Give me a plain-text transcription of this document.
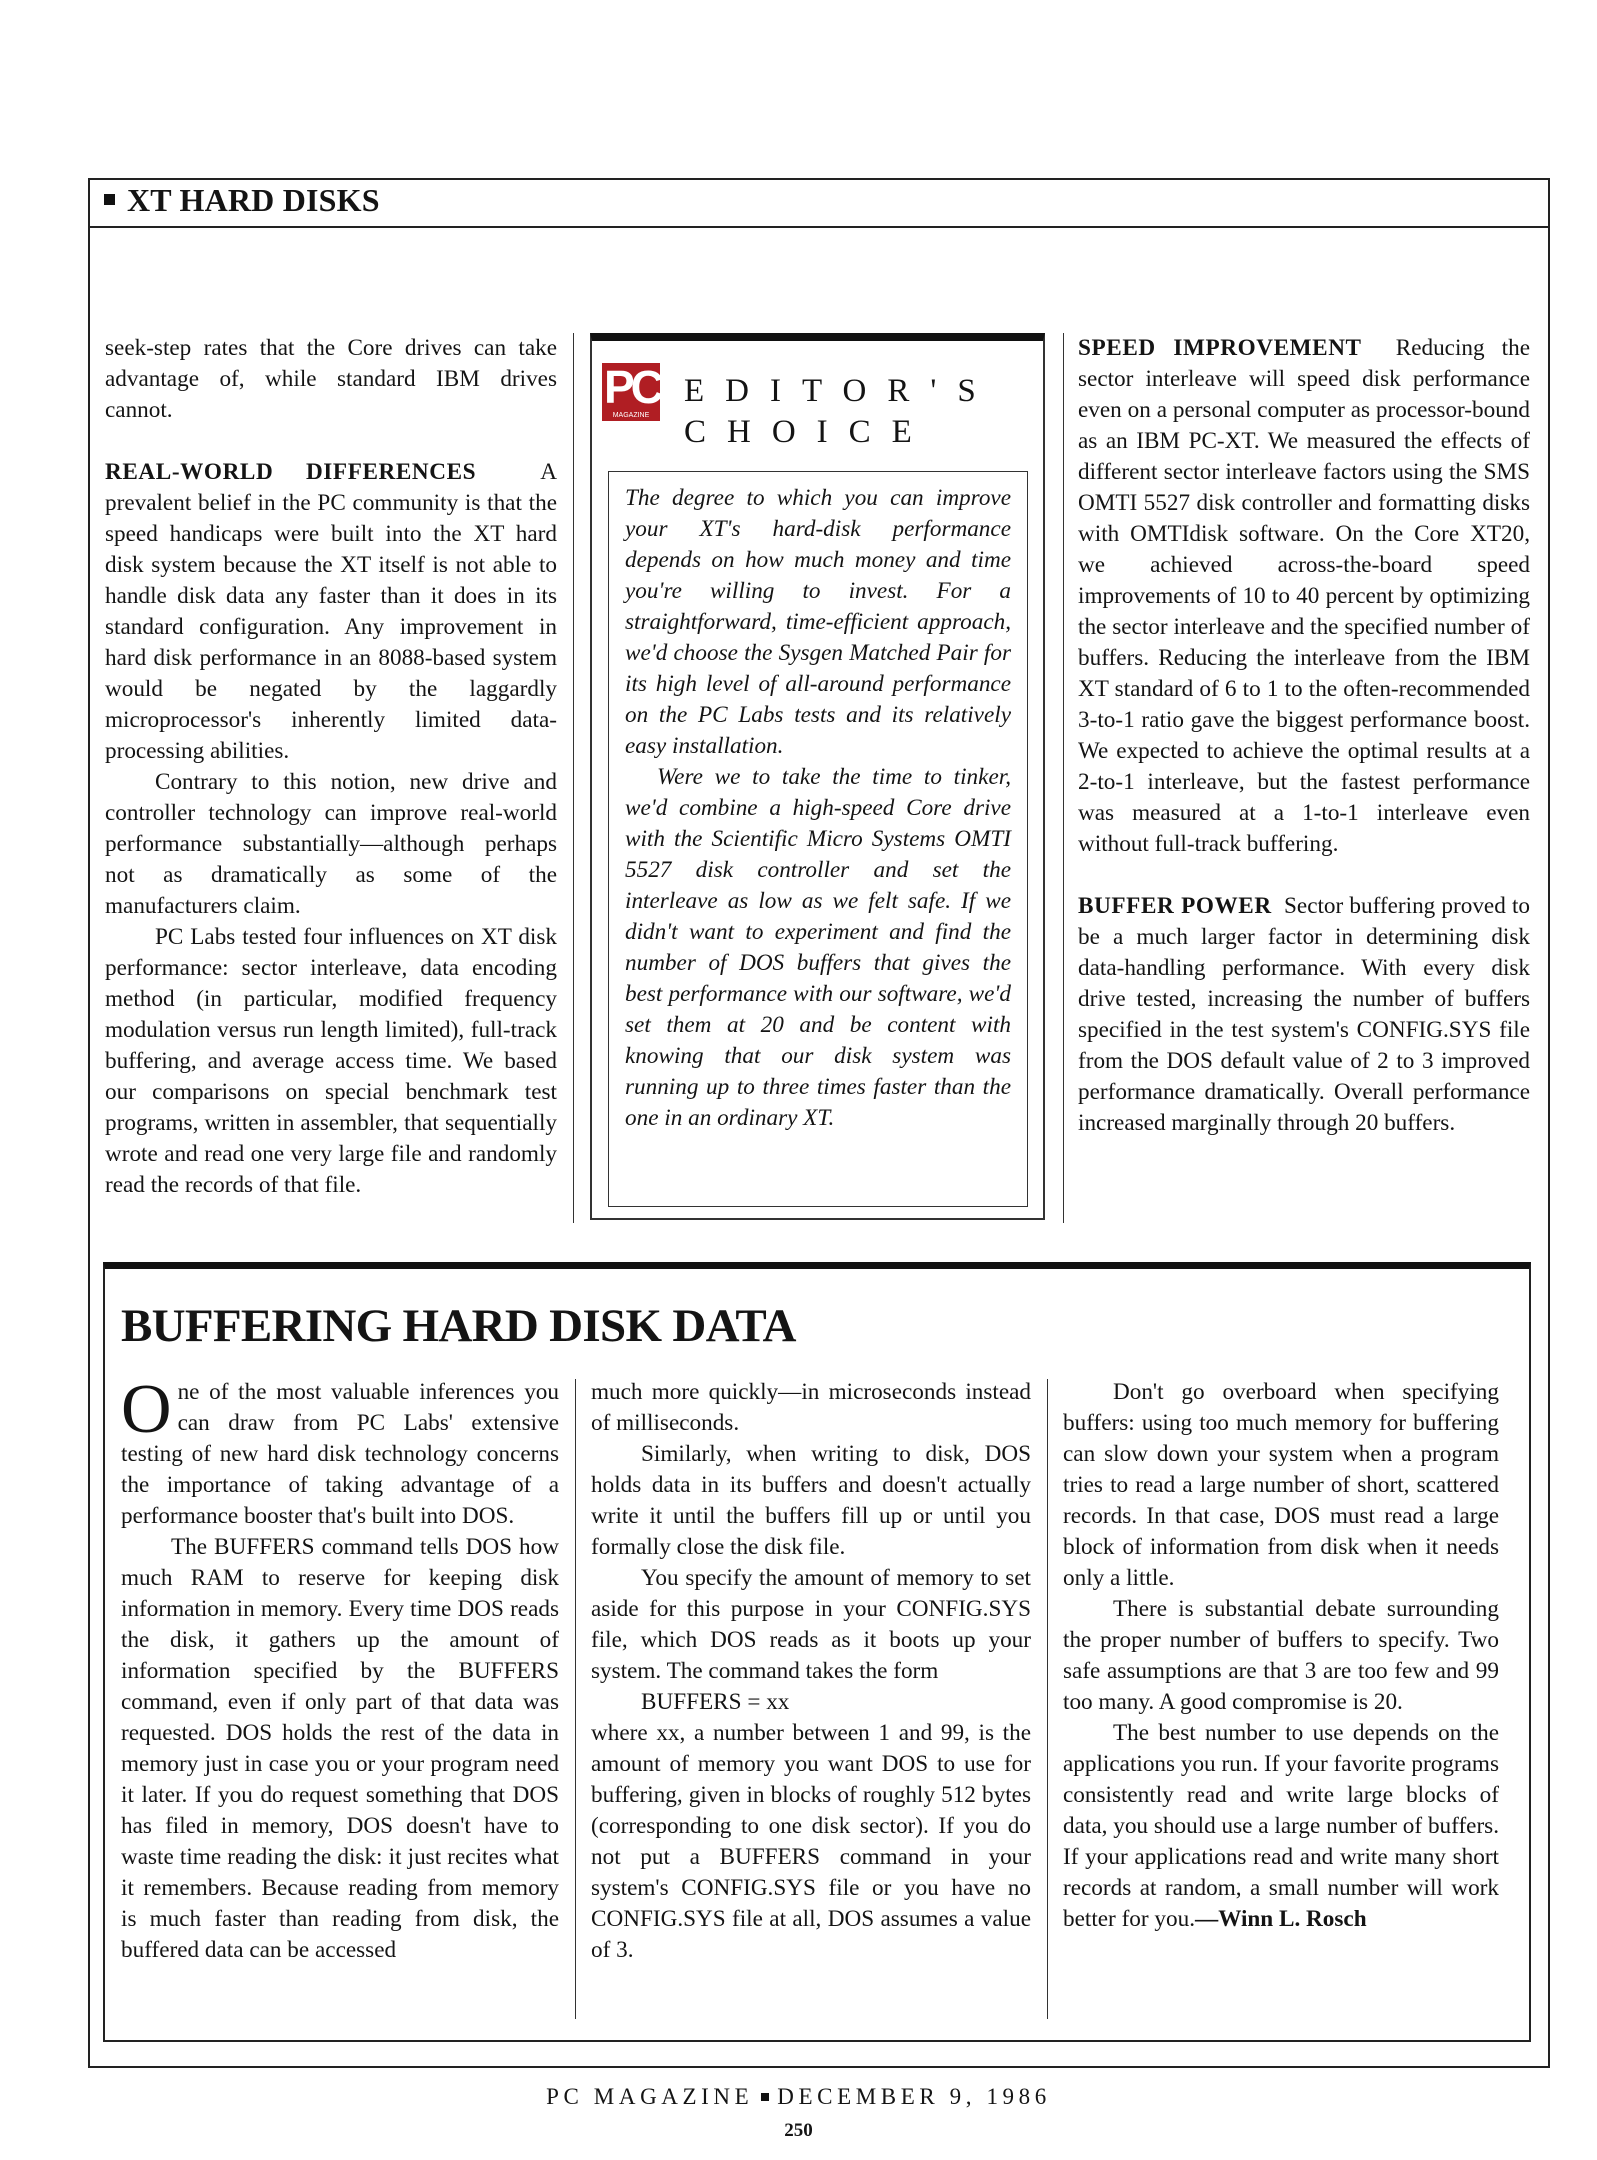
XT HARD DISKS

seek-step rates that the Core drives can take advantage of, while standard IBM drives cannot.

REAL-WORLD DIFFERENCES	A prevalent belief in the PC community is that the speed handicaps were built into the XT hard disk system because the XT itself is not able to handle disk data any faster than it does in its standard configuration. Any improvement in hard disk performance in an 8088-based system would be negated by the laggardly microprocessor's inherently limited data-processing abilities.

Contrary to this notion, new drive and controller technology can improve real-world performance substantially—although perhaps not as dramatically as some of the manufacturers claim.

PC Labs tested four influences on XT disk performance: sector interleave, data encoding method (in particular, modified frequency modulation versus run length limited), full-track buffering, and average access time. We based our comparisons on special benchmark test programs, written in assembler, that sequentially wrote and read one very large file and randomly read the records of that file.

PC
MAGAZINE
EDITOR'S
CHOICE

The degree to which you can improve your XT's hard-disk performance depends on how much money and time you're willing to invest. For a straightforward, time-efficient approach, we'd choose the Sysgen Matched Pair for its high level of all-around performance on the PC Labs tests and its relatively easy installation.

Were we to take the time to tinker, we'd combine a high-speed Core drive with the Scientific Micro Systems OMTI 5527 disk controller and set the interleave as low as we felt safe. If we didn't want to experiment and find the number of DOS buffers that gives the best performance with our software, we'd set them at 20 and be content with knowing that our disk system was running up to three times faster than the one in an ordinary XT.

SPEED IMPROVEMENT Reducing the sector interleave will speed disk performance even on a personal computer as processor-bound as an IBM PC-XT. We measured the effects of different sector interleave factors using the SMS OMTI 5527 disk controller and formatting disks with OMTIdisk software. On the Core XT20, we achieved across-the-board speed improvements of 10 to 40 percent by optimizing the sector interleave and the specified number of buffers. Reducing the interleave from the IBM XT standard of 6 to 1 to the often-recommended 3-to-1 ratio gave the biggest performance boost. We expected to achieve the optimal results at a 2-to-1 interleave, but the fastest performance was measured at a 1-to-1 interleave even without full-track buffering.

BUFFER POWER Sector buffering proved to be a much larger factor in determining disk data-handling performance. With every disk drive tested, increasing the number of buffers specified in the test system's CONFIG.SYS file from the DOS default value of 2 to 3 improved performance dramatically. Overall performance increased marginally through 20 buffers.

BUFFERING HARD DISK DATA

One of the most valuable inferences you can draw from PC Labs' extensive testing of new hard disk technology concerns the importance of taking advantage of a performance booster that's built into DOS.

The BUFFERS command tells DOS how much RAM to reserve for keeping disk information in memory. Every time DOS reads the disk, it gathers up the amount of information specified by the BUFFERS command, even if only part of that data was requested. DOS holds the rest of the data in memory just in case you or your program need it later. If you do request something that DOS has filed in memory, DOS doesn't have to waste time reading the disk: it just recites what it remembers. Because reading from memory is much faster than reading from disk, the buffered data can be accessed

much more quickly—in microseconds instead of milliseconds.

Similarly, when writing to disk, DOS holds data in its buffers and doesn't actually write it until the buffers fill up or until you formally close the disk file.

You specify the amount of memory to set aside for this purpose in your CONFIG.SYS file, which DOS reads as it boots up your system. The command takes the form

BUFFERS = xx

where xx, a number between 1 and 99, is the amount of memory you want DOS to use for buffering, given in blocks of roughly 512 bytes (corresponding to one disk sector). If you do not put a BUFFERS command in your system's CONFIG.SYS file or you have no CONFIG.SYS file at all, DOS assumes a value of 3.

Don't go overboard when specifying buffers: using too much memory for buffering can slow down your system when a program tries to read a large number of short, scattered records. In that case, DOS must read a large block of information from disk when it needs only a little.

There is substantial debate surrounding the proper number of buffers to specify. Two safe assumptions are that 3 are too few and 99 too many. A good compromise is 20.

The best number to use depends on the applications you run. If your favorite programs consistently read and write large blocks of data, you should use a large number of buffers. If your applications read and write many short records at random, a small number will work better for you.—Winn L. Rosch

PC MAGAZINE DECEMBER 9, 1986
250
